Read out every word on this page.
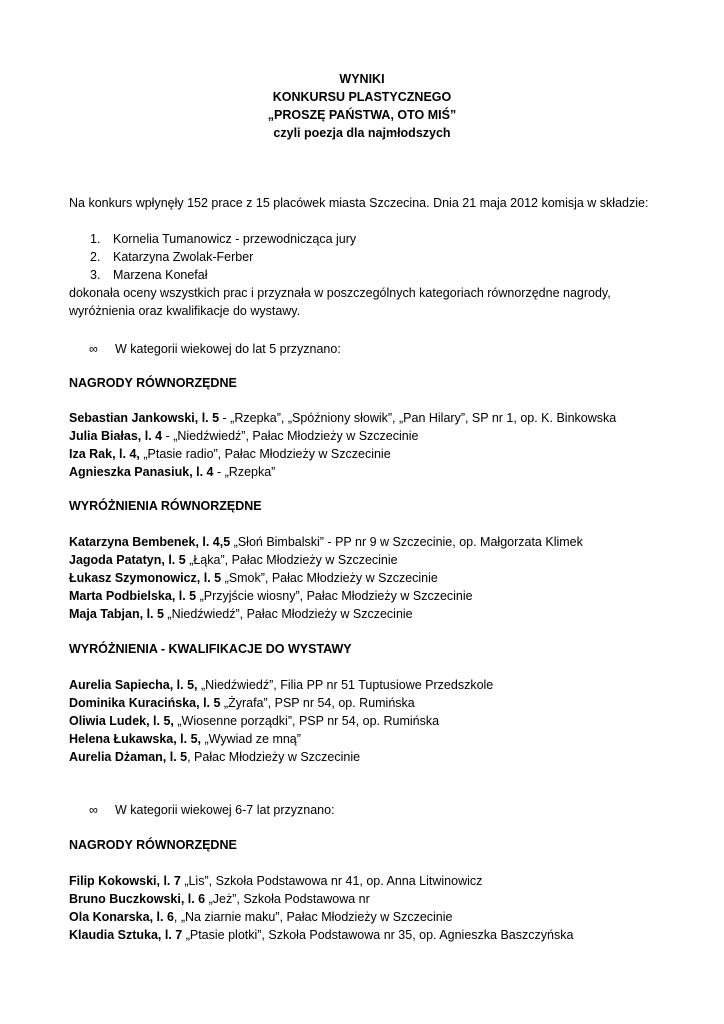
WYNIKI
KONKURSU PLASTYCZNEGO
„PROSZĘ PAŃSTWA, OTO MIŚ”
czyli poezja dla najmłodszych
Na konkurs wpłynęły 152 prace z 15 placówek miasta Szczecina. Dnia 21 maja 2012 komisja w składzie:
1. Kornelia Tumanowicz - przewodnicząca jury
2. Katarzyna Zwolak-Ferber
3. Marzena Konefał
dokonała oceny wszystkich prac i przyznała w poszczególnych kategoriach równorzędne nagrody, wyróżnienia oraz kwalifikacje do wystawy.
∞ W kategorii wiekowej do lat 5 przyznano:
NAGRODY RÓWNORZĘDNE
Sebastian Jankowski, l. 5 - „Rzepka”, „Spóźniony słowik”, „Pan Hilary”, SP nr 1, op. K. Binkowska
Julia Białas, l. 4 - „Niedźwiedź”, Pałac Młodzieży w Szczecinie
Iza Rak, l. 4, „Ptasie radio”, Pałac Młodzieży w Szczecinie
Agnieszka Panasiuk, l. 4 - „Rzepka”
WYRÓŻNIENIA RÓWNORZĘDNE
Katarzyna Bembenek, l. 4,5 „Słoń Bimbalski” - PP nr 9 w Szczecinie, op. Małgorzata Klimek
Jagoda Patatyn, l. 5 „Łąka”, Pałac Młodzieży w Szczecinie
Łukasz Szymonowicz, l. 5 „Smok”, Pałac Młodzieży w Szczecinie
Marta Podbielska, l. 5 „Przyjście wiosny”, Pałac Młodzieży w Szczecinie
Maja Tabjan, l. 5 „Niedźwiedź”, Pałac Młodzieży w Szczecinie
WYRÓŻNIENIA - KWALIFIKACJE DO WYSTAWY
Aurelia Sapiecha, l. 5, „Niedźwiedź”, Filia PP nr 51 Tuptusiowe Przedszkole
Dominika Kuracińska, l. 5 „Żyrafa”, PSP nr 54, op. Rumińska
Oliwia Ludek, l. 5, „Wiosenne porządki”, PSP nr 54, op. Rumińska
Helena Łukawska, l. 5, „Wywiad ze mną”
Aurelia Dżaman, l. 5, Pałac Młodzieży w Szczecinie
∞ W kategorii wiekowej 6-7 lat przyznano:
NAGRODY RÓWNORZĘDNE
Filip Kokowski, l. 7 „Lis”, Szkoła Podstawowa nr 41, op. Anna Litwinowicz
Bruno Buczkowski, l. 6 „Jeż”, Szkoła Podstawowa nr
Ola Konarska, l. 6, „Na ziarnie maku”, Pałac Młodzieży w Szczecinie
Klaudia Sztuka, l. 7 „Ptasie plotki”, Szkoła Podstawowa nr 35, op. Agnieszka Baszczyńska
